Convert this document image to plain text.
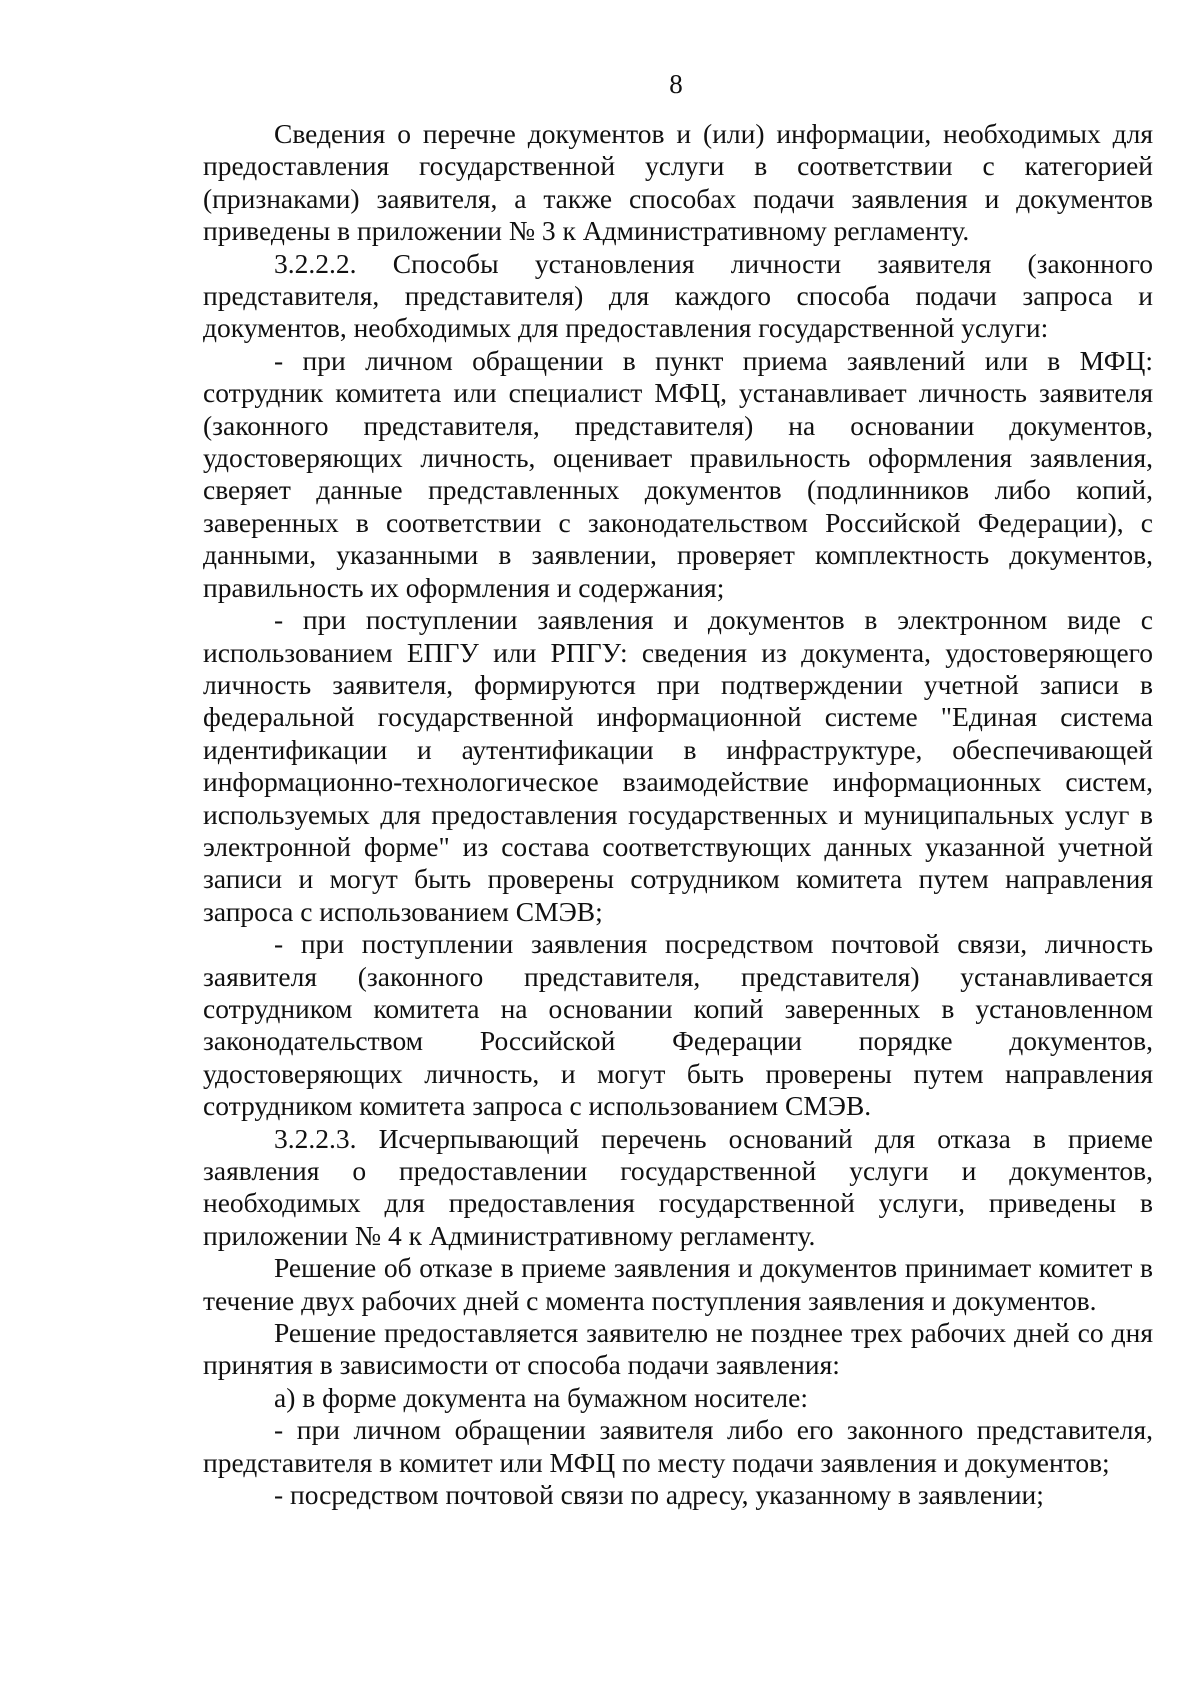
8

Сведения о перечне документов и (или) информации, необходимых для предоставления государственной услуги в соответствии с категорией (признаками) заявителя, а также способах подачи заявления и документов приведены в приложении № 3 к Административному регламенту.

3.2.2.2. Способы установления личности заявителя (законного представителя, представителя) для каждого способа подачи запроса и документов, необходимых для предоставления государственной услуги:

- при личном обращении в пункт приема заявлений или в МФЦ: сотрудник комитета или специалист МФЦ, устанавливает личность заявителя (законного представителя, представителя) на основании документов, удостоверяющих личность, оценивает правильность оформления заявления, сверяет данные представленных документов (подлинников либо копий, заверенных в соответствии с законодательством Российской Федерации), с данными, указанными в заявлении, проверяет комплектность документов, правильность их оформления и содержания;

- при поступлении заявления и документов в электронном виде с использованием ЕПГУ или РПГУ: сведения из документа, удостоверяющего личность заявителя, формируются при подтверждении учетной записи в федеральной государственной информационной системе "Единая система идентификации и аутентификации в инфраструктуре, обеспечивающей информационно-технологическое взаимодействие информационных систем, используемых для предоставления государственных и муниципальных услуг в электронной форме" из состава соответствующих данных указанной учетной записи и могут быть проверены сотрудником комитета путем направления запроса с использованием СМЭВ;

- при поступлении заявления посредством почтовой связи, личность заявителя (законного представителя, представителя) устанавливается сотрудником комитета на основании копий заверенных в установленном законодательством Российской Федерации порядке документов, удостоверяющих личность, и могут быть проверены путем направления сотрудником комитета запроса с использованием СМЭВ.

3.2.2.3. Исчерпывающий перечень оснований для отказа в приеме заявления о предоставлении государственной услуги и документов, необходимых для предоставления государственной услуги, приведены в приложении № 4 к Административному регламенту.

Решение об отказе в приеме заявления и документов принимает комитет в течение двух рабочих дней с момента поступления заявления и документов.

Решение предоставляется заявителю не позднее трех рабочих дней со дня принятия в зависимости от способа подачи заявления:

а) в форме документа на бумажном носителе:

- при личном обращении заявителя либо его законного представителя, представителя в комитет или МФЦ по месту подачи заявления и документов;

- посредством почтовой связи по адресу, указанному в заявлении;
